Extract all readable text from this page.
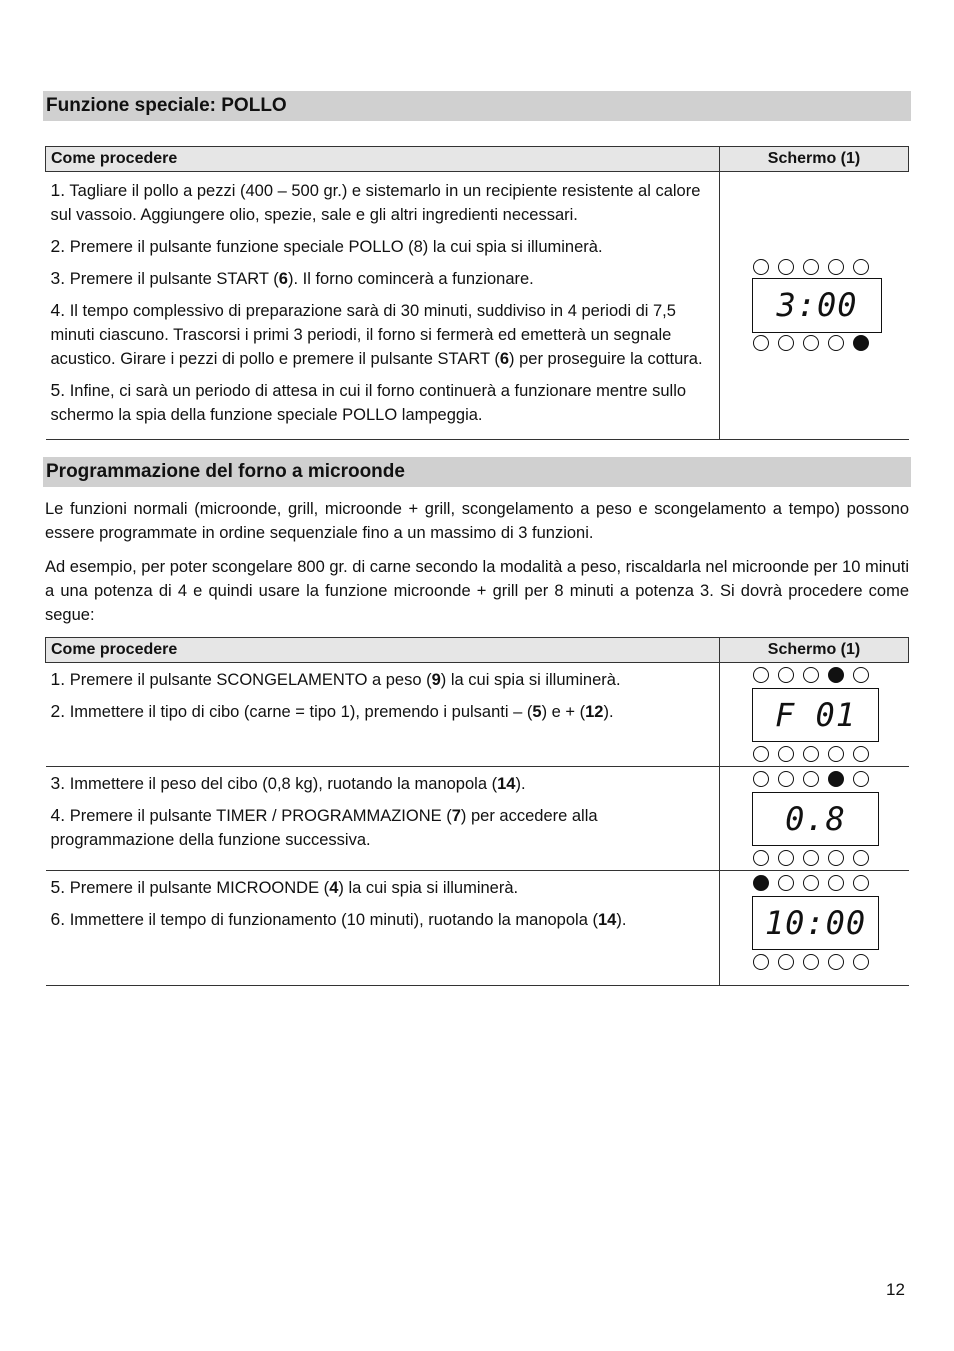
Funzione speciale: POLLO
Come procedere	Schermo (1)

1. Tagliare il pollo a pezzi (400 – 500 gr.) e sistemarlo in un recipiente resistente al calore sul vassoio. Aggiungere olio, spezie, sale e gli altri ingredienti necessari.

2. Premere il pulsante funzione speciale POLLO (8) la cui spia si illuminerà.

3. Premere il pulsante START (6). Il forno comincerà a funzionare.

4. Il tempo complessivo di preparazione sarà di 30 minuti, suddiviso in 4 periodi di 7,5 minuti ciascuno. Trascorsi i primi 3 periodi, il forno si fermerà ed emetterà un segnale acustico. Girare i pezzi di pollo e premere il pulsante START (6) per proseguire la cottura.

5. Infine, ci sarà un periodo di attesa in cui il forno continuerà a funzionare mentre sullo schermo la spia della funzione speciale POLLO lampeggia.	3:00
Programmazione del forno a microonde

Le funzioni normali (microonde, grill, microonde + grill, scongelamento a peso e scongelamento a tempo) possono essere programmate in ordine sequenziale fino a un massimo di 3 funzioni.

Ad esempio, per poter scongelare 800 gr. di carne secondo la modalità a peso, riscaldarla nel microonde per 10 minuti a una potenza di 4 e quindi usare la funzione microonde + grill per 8 minuti a potenza 3. Si dovrà procedere come segue:

Come procedere	Schermo (1)

1. Premere il pulsante SCONGELAMENTO a peso (9) la cui spia si illuminerà.

2. Immettere il tipo di cibo (carne = tipo 1), premendo i pulsanti – (5) e + (12).	F 01

3. Immettere il peso del cibo (0,8 kg), ruotando la manopola (14).

4. Premere il pulsante TIMER / PROGRAMMAZIONE (7) per accedere alla programmazione della funzione successiva.	0.8

5. Premere il pulsante MICROONDE (4) la cui spia si illuminerà.

6. Immettere il tempo di funzionamento (10 minuti), ruotando la manopola (14).	10:00
12
